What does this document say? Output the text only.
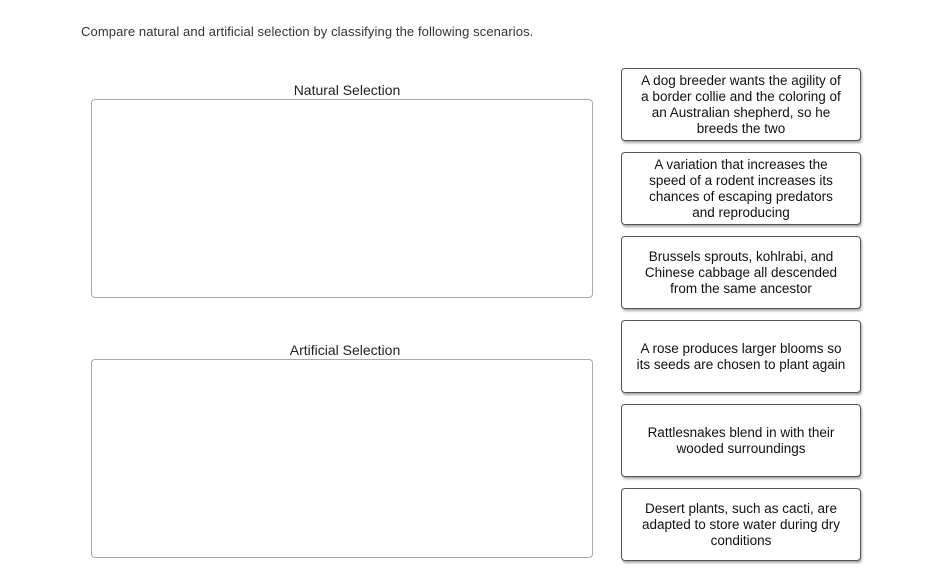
Compare natural and artificial selection by classifying the following scenarios.
Natural Selection
Artificial Selection
A dog breeder wants the agility of a border collie and the coloring of an Australian shepherd, so he breeds the two
A variation that increases the speed of a rodent increases its chances of escaping predators and reproducing
Brussels sprouts, kohlrabi, and Chinese cabbage all descended from the same ancestor
A rose produces larger blooms so its seeds are chosen to plant again
Rattlesnakes blend in with their wooded surroundings
Desert plants, such as cacti, are adapted to store water during dry conditions
